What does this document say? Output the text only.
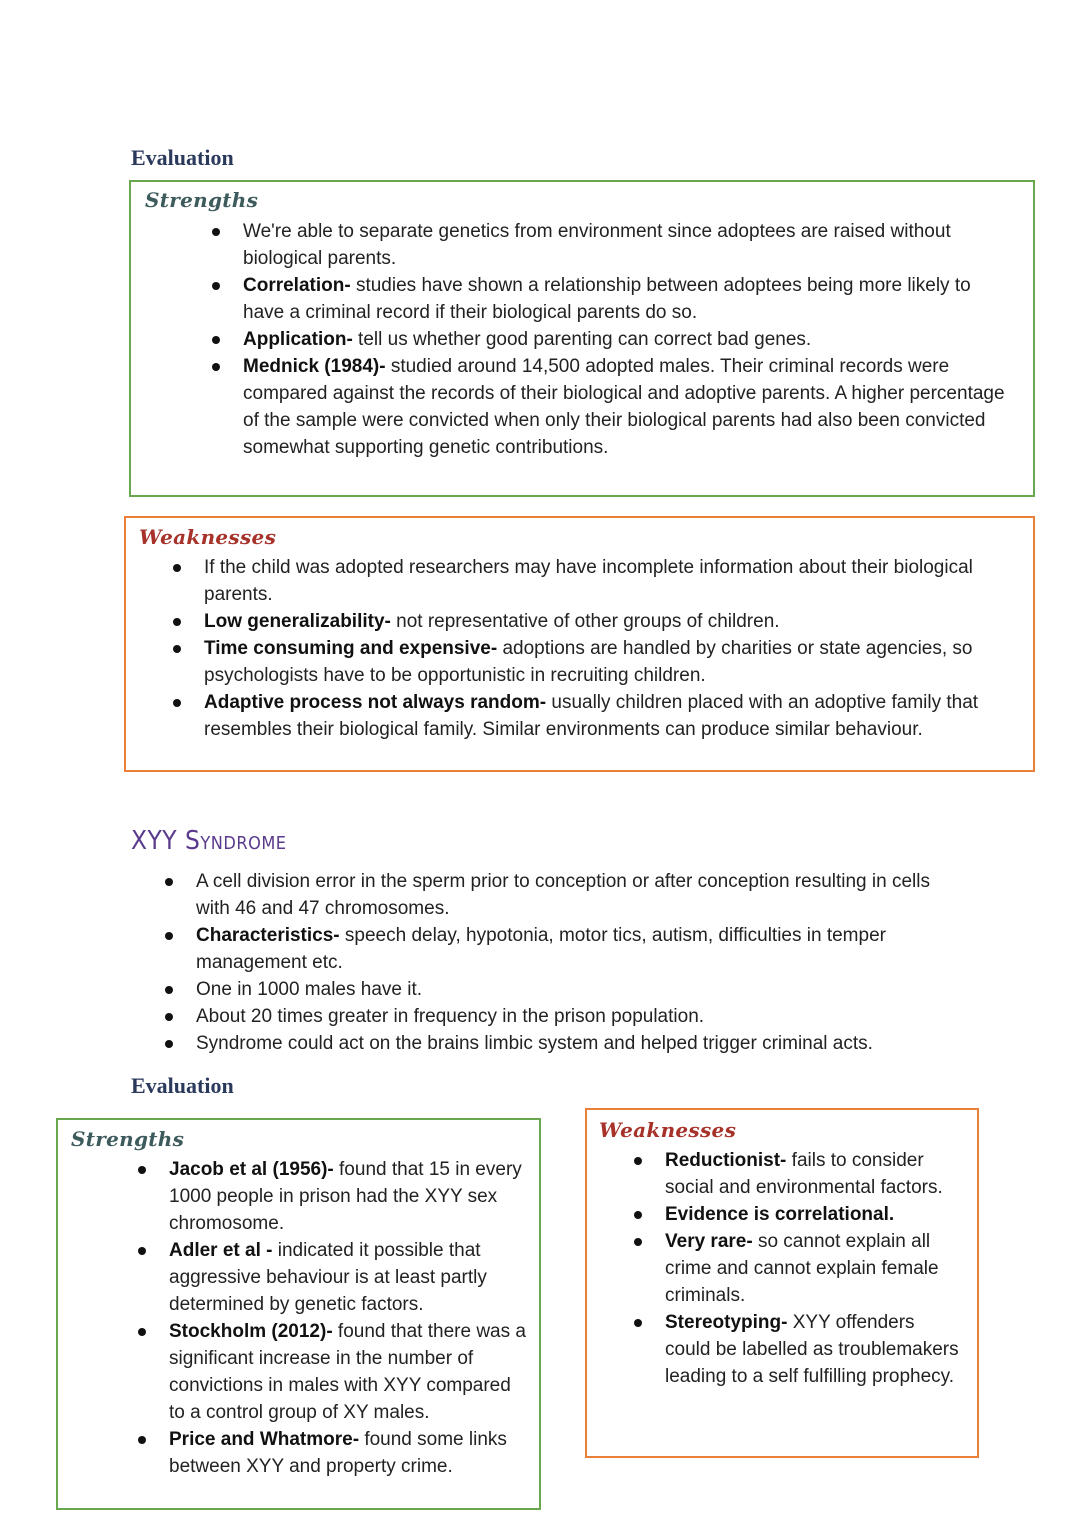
Evaluation
Strengths
We're able to separate genetics from environment since adoptees are raised without biological parents.
Correlation- studies have shown a relationship between adoptees being more likely to have a criminal record if their biological parents do so.
Application- tell us whether good parenting can correct bad genes.
Mednick (1984)- studied around 14,500 adopted males. Their criminal records were compared against the records of their biological and adoptive parents. A higher percentage of the sample were convicted when only their biological parents had also been convicted somewhat supporting genetic contributions.
Weaknesses
If the child was adopted researchers may have incomplete information about their biological parents.
Low generalizability- not representative of other groups of children.
Time consuming and expensive- adoptions are handled by charities or state agencies, so psychologists have to be opportunistic in recruiting children.
Adaptive process not always random- usually children placed with an adoptive family that resembles their biological family. Similar environments can produce similar behaviour.
XYY Syndrome
A cell division error in the sperm prior to conception or after conception resulting in cells with 46 and 47 chromosomes.
Characteristics- speech delay, hypotonia, motor tics, autism, difficulties in temper management etc.
One in 1000 males have it.
About 20 times greater in frequency in the prison population.
Syndrome could act on the brains limbic system and helped trigger criminal acts.
Evaluation
Strengths
Jacob et al (1956)- found that 15 in every 1000 people in prison had the XYY sex chromosome.
Adler et al - indicated it possible that aggressive behaviour is at least partly determined by genetic factors.
Stockholm (2012)- found that there was a significant increase in the number of convictions in males with XYY compared to a control group of XY males.
Price and Whatmore- found some links between XYY and property crime.
Weaknesses
Reductionist- fails to consider social and environmental factors.
Evidence is correlational.
Very rare- so cannot explain all crime and cannot explain female criminals.
Stereotyping- XYY offenders could be labelled as troublemakers leading to a self fulfilling prophecy.
